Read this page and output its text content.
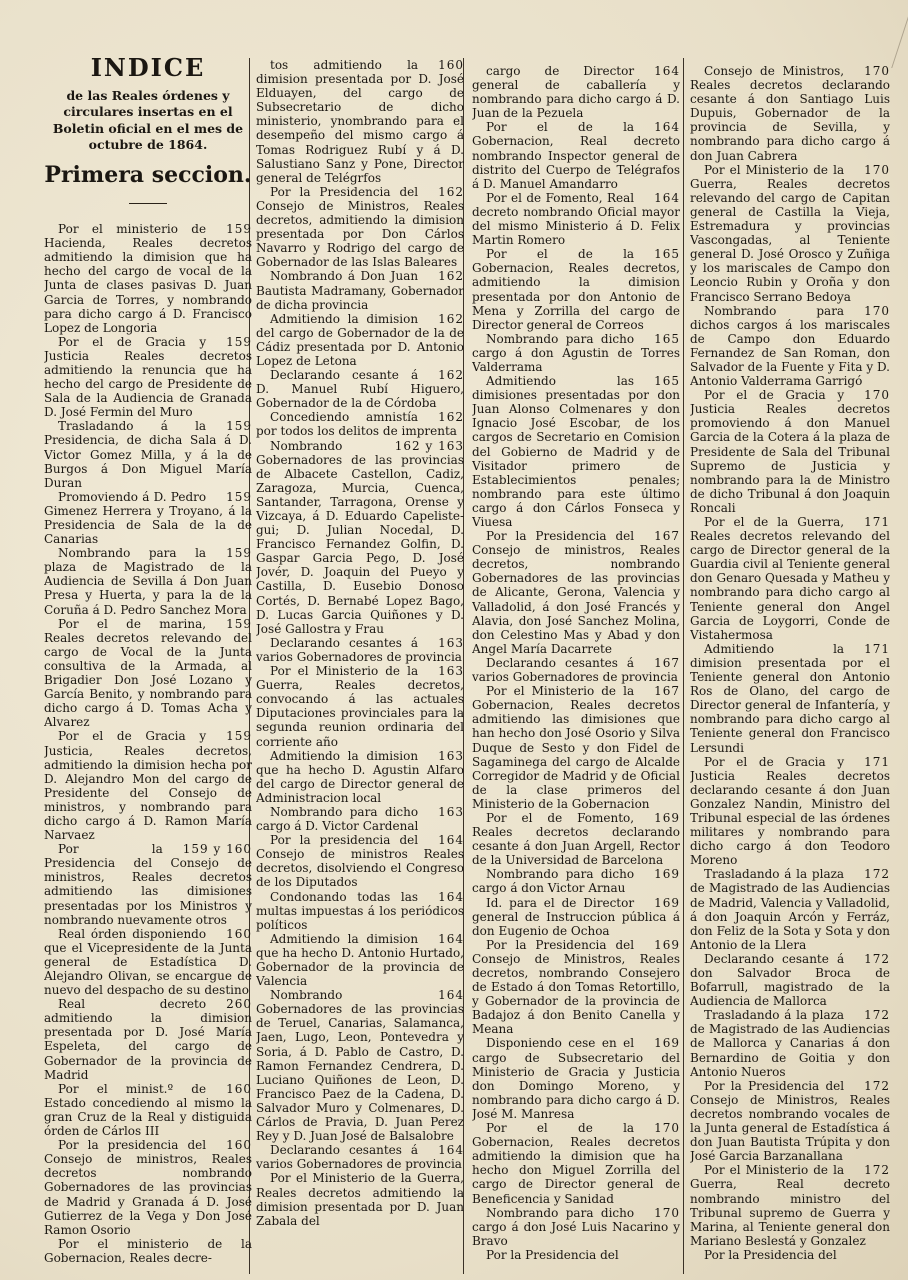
INDICE
de las Reales órdenes y circulares insertas en el Boletin oficial en el mes de octubre de 1864.
Primera seccion.

159
Por el ministerio de Hacienda, Reales decretos admitiendo la dimision que ha hecho del cargo de vocal de la Junta de clases pasivas D. Juan Garcia de Torres, y nombrando para dicho cargo á D. Francisco Lopez de Longoria

159
Por el de Gracia y Justicia Reales decretos admitiendo la renuncia que ha hecho del cargo de Presidente de Sala de la Audiencia de Granada D. José Fermin del Muro

159
Trasladando á la Presidencia, de dicha Sala á D. Victor Gomez Milla, y á la de Burgos á Don Miguel María Duran

159
Promoviendo á D. Pedro Gimenez Herrera y Troyano, á la Presidencia de Sala de la de Canarias

159
Nombrando para la plaza de Magistrado de la Audiencia de Sevilla á Don Juan Presa y Huerta, y para la de la Coruña á D. Pedro Sanchez Mora

159
Por el de marina, Reales decretos relevando del cargo de Vocal de la Junta consultiva de la Armada, al Brigadier Don José Lozano y García Benito, y nombrando para dicho cargo á D. Tomas Acha y Alvarez

159
Por el de Gracia y Justicia, Reales decretos, admitiendo la dimision hecha por D. Alejandro Mon del cargo de Presidente del Consejo de ministros, y nombrando para dicho cargo á D. Ramon María Narvaez

159 y 160
Por la Presidencia del Consejo de ministros, Reales decretos admitiendo las dimisiones presentadas por los Ministros y nombrando nuevamente otros

160
Real órden disponiendo que el Vicepresidente de la Junta general de Estadística D. Alejandro Olivan, se encargue de nuevo del despacho de su destino

260
Real decreto admitiendo la dimision presentada por D. José María Espeleta, del cargo de Gobernador de la provincia de Madrid

160
Por el minist.º de Estado concediendo al mismo la gran Cruz de la Real y distiguida órden de Cárlos III

160
Por la presidencia del Consejo de ministros, Reales decretos nombrando Gobernadores de las provincias de Madrid y Granada á D. José Gutierrez de la Vega y Don José Ramon Osorio

Por el ministerio de la Gobernacion, Reales decre-

160
tos admitiendo la dimision presentada por D. José Elduayen, del cargo de Subsecretario de dicho ministerio, ynombrando para el desempeño del mismo cargo á Tomas Rodriguez Rubí y á D. Salustiano Sanz y Pone, Director general de Telégrfos

162
Por la Presidencia del Consejo de Ministros, Reales decretos, admitiendo la dimision presentada por Don Cárlos Navarro y Rodrigo del cargo de Gobernador de las Islas Baleares

162
Nombrando á Don Juan Bautista Madramany, Gobernador de dicha provincia

162
Admitiendo la dimision del cargo de Gobernador de la de Cádiz presentada por D. Antonio Lopez de Letona

162
Declarando cesante á D. Manuel Rubí Higuero, Gobernador de la de Córdoba

162
Concediendo amnistía por todos los delitos de imprenta

162 y 163
Nombrando Gobernadores de las provincias de Albacete Castellon, Cadiz, Zaragoza, Murcia, Cuenca, Santander, Tarragona, Orense y Vizcaya, á D. Eduardo Capeliste-gui; D. Julian Nocedal, D. Francisco Fernandez Golfin, D. Gaspar Garcia Pego, D. José Jovér, D. Joaquin del Pueyo y Castilla, D. Eusebio Donoso Cortés, D. Bernabé Lopez Bago, D. Lucas Garcia Quiñones y D. José Gallostra y Frau

163
Declarando cesantes á varios Gobernadores de provincia

163
Por el Ministerio de la Guerra, Reales decretos, convocando á las actuales Diputaciones provinciales para la segunda reunion ordinaria del corriente año

163
Admitiendo la dimision que ha hecho D. Agustin Alfaro del cargo de Director general de Administracion local

163
Nombrando para dicho cargo á D. Victor Cardenal

164
Por la presidencia del Consejo de ministros Reales decretos, disolviendo el Congreso de los Diputados

164
Condonando todas las multas impuestas á los periódicos políticos

164
Admitiendo la dimision que ha hecho D. Antonio Hurtado, Gobernador de la provincia de Valencia

164
Nombrando Gobernadores de las provincias de Teruel, Canarias, Salamanca, Jaen, Lugo, Leon, Pontevedra y Soria, á D. Pablo de Castro, D. Ramon Fernandez Cendrera, D. Luciano Quiñones de Leon, D. Francisco Paez de la Cadena, D. Salvador Muro y Colmenares, D. Cárlos de Pravia, D. Juan Perez Rey y D. Juan José de Balsalobre

164
Declarando cesantes á varios Gobernadores de provincia

Por el Ministerio de la Guerra, Reales decretos admitiendo la dimision presentada por D. Juan Zabala del

164
cargo de Director general de caballería y nombrando para dicho cargo á D. Juan de la Pezuela

164
Por el de la Gobernacion, Real decreto nombrando Inspector general de distrito del Cuerpo de Telégrafos á D. Manuel Amandarro

164
Por el de Fomento, Real decreto nombrando Oficial mayor del mismo Ministerio á D. Felix Martin Romero

165
Por el de la Gobernacion, Reales decretos, admitiendo la dimision presentada por don Antonio de Mena y Zorrilla del cargo de Director general de Correos

165
Nombrando para dicho cargo á don Agustin de Torres Valderrama

165
Admitiendo las dimisiones presentadas por don Juan Alonso Colmenares y don Ignacio José Escobar, de los cargos de Secretario en Comision del Gobierno de Madrid y de Visitador primero de Establecimientos penales; nombrando para este último cargo á don Cárlos Fonseca y Viuesa

167
Por la Presidencia del Consejo de ministros, Reales decretos, nombrando Gobernadores de las provincias de Alicante, Gerona, Valencia y Valladolid, á don José Francés y Alavia, don José Sanchez Molina, don Celestino Mas y Abad y don Angel María Dacarrete

167
Declarando cesantes á varios Gobernadores de provincia

167
Por el Ministerio de la Gobernacion, Reales decretos admitiendo las dimisiones que han hecho don José Osorio y Silva Duque de Sesto y don Fidel de Sagaminega del cargo de Alcalde Corregidor de Madrid y de Oficial de la clase primeros del Ministerio de la Gobernacion

169
Por el de Fomento, Reales decretos declarando cesante á don Juan Argell, Rector de la Universidad de Barcelona

169
Nombrando para dicho cargo á don Victor Arnau

169
Id. para el de Director general de Instruccion pública á don Eugenio de Ochoa

169
Por la Presidencia del Consejo de Ministros, Reales decretos, nombrando Consejero de Estado á don Tomas Retortillo, y Gobernador de la provincia de Badajoz á don Benito Canella y Meana

169
Disponiendo cese en el cargo de Subsecretario del Ministerio de Gracia y Justicia don Domingo Moreno, y nombrando para dicho cargo á D. José M. Manresa

170
Por el de la Gobernacion, Reales decretos admitiendo la dimision que ha hecho don Miguel Zorrilla del cargo de Director general de Beneficencia y Sanidad

170
Nombrando para dicho cargo á don José Luis Nacarino y Bravo

Por la Presidencia del

170
Consejo de Ministros, Reales decretos declarando cesante á don Santiago Luis Dupuis, Gobernador de la provincia de Sevilla, y nombrando para dicho cargo á don Juan Cabrera

170
Por el Ministerio de la Guerra, Reales decretos relevando del cargo de Capitan general de Castilla la Vieja, Estremadura y provincias Vascongadas, al Teniente general D. José Orosco y Zuñiga y los mariscales de Campo don Leoncio Rubin y Oroña y don Francisco Serrano Bedoya

170
Nombrando para dichos cargos á los mariscales de Campo don Eduardo Fernandez de San Roman, don Salvador de la Fuente y Fita y D. Antonio Valderrama Garrigó

170
Por el de Gracia y Justicia Reales decretos promoviendo á don Manuel Garcia de la Cotera á la plaza de Presidente de Sala del Tribunal Supremo de Justicia y nombrando para la de Ministro de dicho Tribunal á don Joaquin Roncali

171
Por el de la Guerra, Reales decretos relevando del cargo de Director general de la Guardia civil al Teniente general don Genaro Quesada y Matheu y nombrando para dicho cargo al Teniente general don Angel Garcia de Loygorri, Conde de Vistahermosa

171
Admitiendo la dimision presentada por el Teniente general don Antonio Ros de Olano, del cargo de Director general de Infantería, y nombrando para dicho cargo al Teniente general don Francisco Lersundi

171
Por el de Gracia y Justicia Reales decretos declarando cesante á don Juan Gonzalez Nandin, Ministro del Tribunal especial de las órdenes militares y nombrando para dicho cargo á don Teodoro Moreno

172
Trasladando á la plaza de Magistrado de las Audiencias de Madrid, Valencia y Valladolid, á don Joaquin Arcón y Ferráz, don Feliz de la Sota y Sota y don Antonio de la Llera

172
Declarando cesante á don Salvador Broca de Bofarrull, magistrado de la Audiencia de Mallorca

172
Trasladando á la plaza de Magistrado de las Audiencias de Mallorca y Canarias á don Bernardino de Goitia y don Antonio Nueros

172
Por la Presidencia del Consejo de Ministros, Reales decretos nombrando vocales de la Junta general de Estadística á don Juan Bautista Trúpita y don José Garcia Barzanallana

172
Por el Ministerio de la Guerra, Real decreto nombrando ministro del Tribunal supremo de Guerra y Marina, al Teniente general don Mariano Beslestá y Gonzalez

Por la Presidencia del
